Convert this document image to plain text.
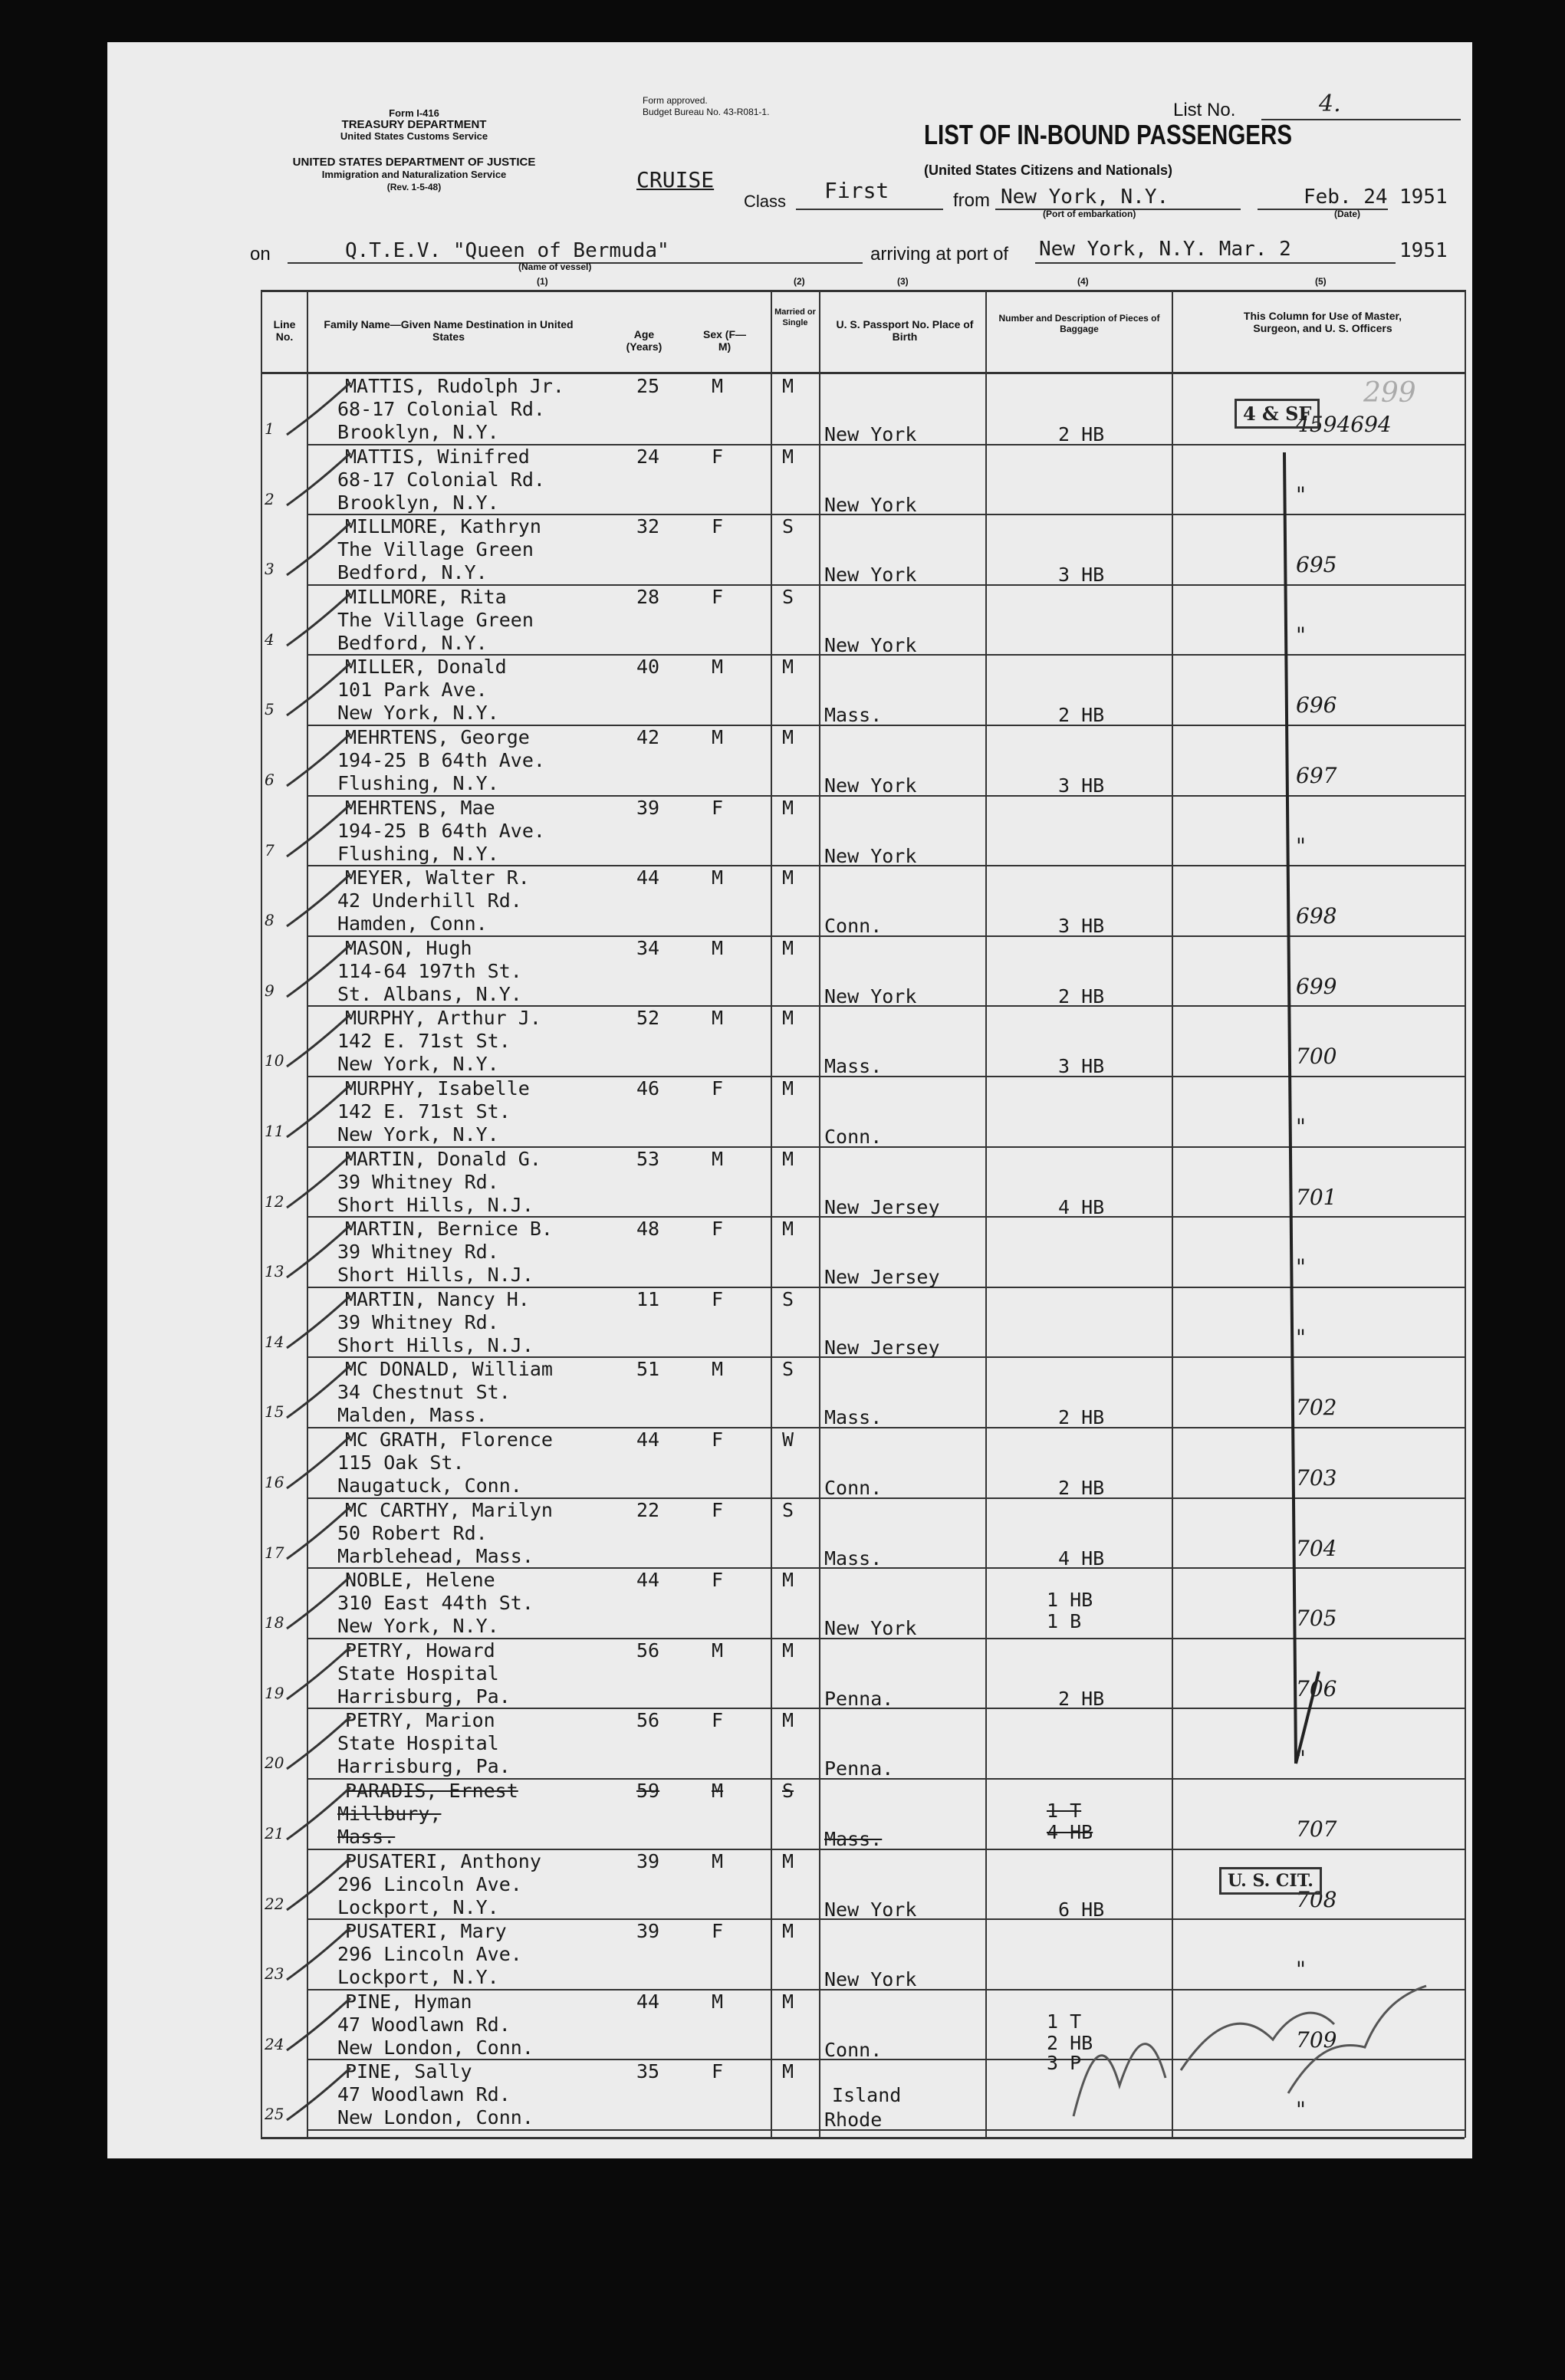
Form I-416
TREASURY DEPARTMENT
United States Customs Service
UNITED STATES DEPARTMENT OF JUSTICE
Immigration and Naturalization Service
(Rev. 1-5-48)
Form approved.
Budget Bureau No. 43-R081-1.
CRUISE
Class First
List No.	4.
LIST OF IN-BOUND PASSENGERS
(United States Citizens and Nationals)
from New York, N.Y.
(Port of embarkation)
Feb. 24
(Date)
1951
on	Q.T.E.V. "Queen of Bermuda"
(Name of vessel)
arriving at port of New York, N.Y. Mar. 2	1951
299
(1)	(2)	(3)	(4)	(5)
Line No.
Family Name—Given Name Destination in United States	Age (Years)
Sex (F—M)
Married or Single	U. S. Passport No. Place of Birth
Number and Description of Pieces of Baggage
This Column for Use of Master, Surgeon, and U. S. Officers
1
MATTIS, Rudolph Jr.
68-17 Colonial Rd.
Brooklyn, N.Y.
25	M	M
New York	2 HB	4594694
2
MATTIS, Winifred
68-17 Colonial Rd.
Brooklyn, N.Y.
24	F	M
New York	"
3
MILLMORE, Kathryn
The Village Green
Bedford, N.Y.
32	F	S
New York	3 HB	695
4
MILLMORE, Rita
The Village Green
Bedford, N.Y.
28	F	S
New York	"
5
MILLER, Donald
101 Park Ave.
New York, N.Y.
40	M	M
Mass.	2 HB	696
6
MEHRTENS, George
194-25 B 64th Ave.
Flushing, N.Y.
42	M	M
New York	3 HB	697
7
MEHRTENS, Mae
194-25 B 64th Ave.
Flushing, N.Y.
39	F	M
New York	"
8
MEYER, Walter R.
42 Underhill Rd.
Hamden, Conn.
44	M	M
Conn.	3 HB	698
9
MASON, Hugh
114-64 197th St.
St. Albans, N.Y.
34	M	M
New York	2 HB	699
10
MURPHY, Arthur J.
142 E. 71st St.
New York, N.Y.
52	M	M
Mass.	3 HB	700
11
MURPHY, Isabelle
142 E. 71st St.
New York, N.Y.
46	F	M
Conn.	"
12
MARTIN, Donald G.
39 Whitney Rd.
Short Hills, N.J.
53	M	M
New Jersey	4 HB	701
13
MARTIN, Bernice B.
39 Whitney Rd.
Short Hills, N.J.
48	F	M
New Jersey	"
14
MARTIN, Nancy H.
39 Whitney Rd.
Short Hills, N.J.
11	F	S
New Jersey	"
15
MC DONALD, William
34 Chestnut St.
Malden, Mass.
51	M	S
Mass.	2 HB	702
16
MC GRATH, Florence
115 Oak St.
Naugatuck, Conn.
44	F	W
Conn.	2 HB	703
17
MC CARTHY, Marilyn
50 Robert Rd.
Marblehead, Mass.
22	F	S
Mass.	4 HB	704
18
NOBLE, Helene
310 East 44th St.
New York, N.Y.
44	F	M
New York
1 HB
1 B	705
19
PETRY, Howard
State Hospital
Harrisburg, Pa.
56	M	M
Penna.	2 HB	706
20
PETRY, Marion
State Hospital
Harrisburg, Pa.
56	F	M
Penna.	"
21
PARADIS, Ernest
Millbury,
Mass.
59	M	S
Mass.
1 T
4 HB	707
22
PUSATERI, Anthony
296 Lincoln Ave.
Lockport, N.Y.
39	M	M
New York	6 HB	708
23
PUSATERI, Mary
296 Lincoln Ave.
Lockport, N.Y.
39	F	M
New York	"
24
PINE, Hyman
47 Woodlawn Rd.
New London, Conn.
44	M	M
Conn.
1 T
2 HB
3 P
709
25
PINE, Sally
47 Woodlawn Rd.
New London, Conn.
35	F	M
Rhode
Island
"
4 & SF
U. S. CIT.
